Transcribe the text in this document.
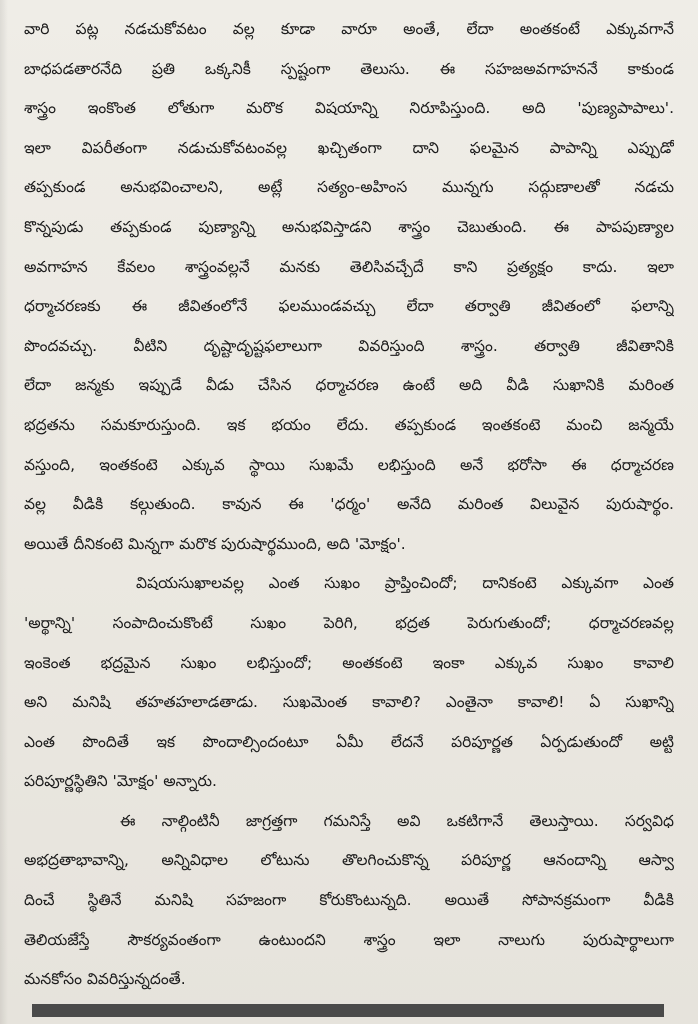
వారి పట్ల నడచుకోవటం వల్ల కూడా వారూ అంతే, లేదా అంతకంటే ఎక్కువగానే
బాధపడతారనేది ప్రతి ఒక్కనికీ స్పష్టంగా తెలుసు. ఈ సహజఅవగాహననే కాకుండ
శాస్త్రం ఇంకొంత లోతుగా మరొక విషయాన్ని నిరూపిస్తుంది. అది 'పుణ్యపాపాలు'.
ఇలా విపరీతంగా నడుచుకోవటంవల్ల ఖచ్చితంగా దాని ఫలమైన పాపాన్ని ఎప్పుడో
తప్పకుండ అనుభవించాలని, అట్లే సత్యం-అహింస మున్నగు సద్గుణాలతో నడచు
కొన్నపుడు తప్పకుండ పుణ్యాన్ని అనుభవిస్తాడని శాస్త్రం చెబుతుంది. ఈ పాపపుణ్యాల
అవగాహన కేవలం శాస్త్రంవల్లనే మనకు తెలిసివచ్చేదే కాని ప్రత్యక్షం కాదు. ఇలా
ధర్మాచరణకు ఈ జీవితంలోనే ఫలముండవచ్చు లేదా తర్వాతి జీవితంలో ఫలాన్ని
పొందవచ్చు. వీటిని దృష్టాదృష్టఫలాలుగా వివరిస్తుంది శాస్త్రం. తర్వాతి జీవితానికి
లేదా జన్మకు ఇప్పుడే వీడు చేసిన ధర్మాచరణ ఉంటే అది వీడి సుఖానికి మరింత
భద్రతను సమకూరుస్తుంది. ఇక భయం లేదు. తప్పకుండ ఇంతకంటె మంచి జన్మయే
వస్తుంది, ఇంతకంటె ఎక్కువ స్థాయి సుఖమే లభిస్తుంది అనే భరోసా ఈ ధర్మాచరణ
వల్ల వీడికి కల్గుతుంది. కావున ఈ 'ధర్మం' అనేది మరింత విలువైన పురుషార్థం.
అయితే దీనికంటె మిన్నగా మరొక పురుషార్థముంది, అది 'మోక్షం'.
విషయసుఖాలవల్ల ఎంత సుఖం ప్రాప్తించిందో; దానికంటె ఎక్కువగా ఎంత
'అర్థాన్ని' సంపాదించుకొంటే సుఖం పెరిగి, భద్రత పెరుగుతుందో; ధర్మాచరణవల్ల
ఇంకెంత భద్రమైన సుఖం లభిస్తుందో; అంతకంటె ఇంకా ఎక్కువ సుఖం కావాలి
అని మనిషి తహతహలాడతాడు. సుఖమెంత కావాలి? ఎంతైనా కావాలి! ఏ సుఖాన్ని
ఎంత పొందితే ఇక పొందాల్సిందంటూ ఏమీ లేదనే పరిపూర్ణత ఏర్పడుతుందో అట్టి
పరిపూర్ణస్థితిని 'మోక్షం' అన్నారు.
ఈ నాల్గింటినీ జాగ్రత్తగా గమనిస్తే అవి ఒకటిగానే తెలుస్తాయి. సర్వవిధ
అభద్రతాభావాన్ని, అన్నివిధాల లోటును తొలగించుకొన్న పరిపూర్ణ ఆనందాన్ని ఆస్వా
దించే స్థితినే మనిషి సహజంగా కోరుకొంటున్నది. అయితే సోపానక్రమంగా వీడికి
తెలియజేస్తే సౌకర్యవంతంగా ఉంటుందని శాస్త్రం ఇలా నాలుగు పురుషార్థాలుగా
మనకోసం వివరిస్తున్నదంతే.
